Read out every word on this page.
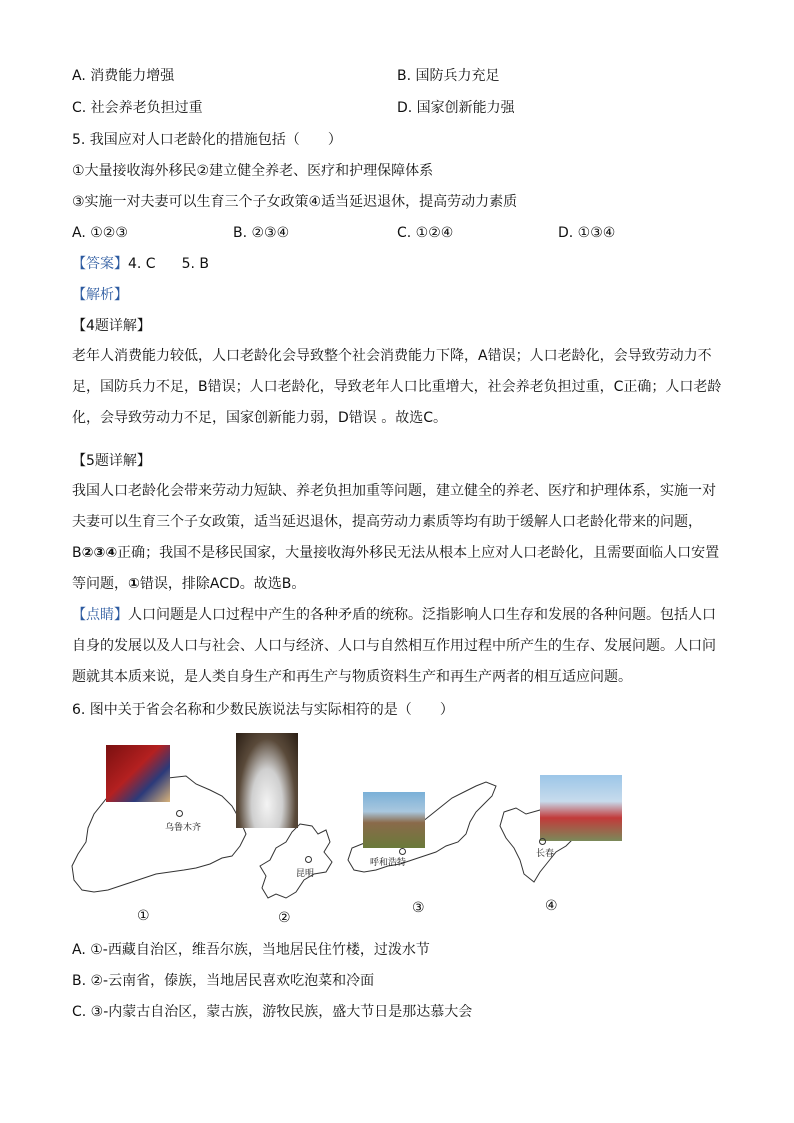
A. 消费能力增强	B. 国防兵力充足
C. 社会养老负担过重	D. 国家创新能力强
5. 我国应对人口老龄化的措施包括（ ）
①大量接收海外移民②建立健全养老、医疗和护理保障体系
③实施一对夫妻可以生育三个子女政策④适当延迟退休，提高劳动力素质
A. ①②③	B. ②③④	C. ①②④	D. ①③④
【答案】4. C 5. B
【解析】
【4题详解】
老年人消费能力较低，人口老龄化会导致整个社会消费能力下降，A错误；人口老龄化，会导致劳动力不足，国防兵力不足，B错误；人口老龄化，导致老年人口比重增大，社会养老负担过重，C正确；人口老龄化，会导致劳动力不足，国家创新能力弱，D错误 。故选C。
【5题详解】
我国人口老龄化会带来劳动力短缺、养老负担加重等问题，建立健全的养老、医疗和护理体系，实施一对夫妻可以生育三个子女政策，适当延迟退休，提高劳动力素质等均有助于缓解人口老龄化带来的问题，B②③④正确；我国不是移民国家，大量接收海外移民无法从根本上应对人口老龄化，且需要面临人口安置等问题，①错误，排除ACD。故选B。
【点睛】人口问题是人口过程中产生的各种矛盾的统称。泛指影响人口生存和发展的各种问题。包括人口自身的发展以及人口与社会、人口与经济、人口与自然相互作用过程中所产生的生存、发展问题。人口问题就其本质来说，是人类自身生产和再生产与物质资料生产和再生产两者的相互适应问题。
6. 图中关于省会名称和少数民族说法与实际相符的是（ ）
乌鲁木齐
昆明
呼和浩特
长春
①	②
③	④
A. ①-西藏自治区，维吾尔族，当地居民住竹楼，过泼水节
B. ②-云南省，傣族，当地居民喜欢吃泡菜和冷面
C. ③-内蒙古自治区，蒙古族，游牧民族，盛大节日是那达慕大会
